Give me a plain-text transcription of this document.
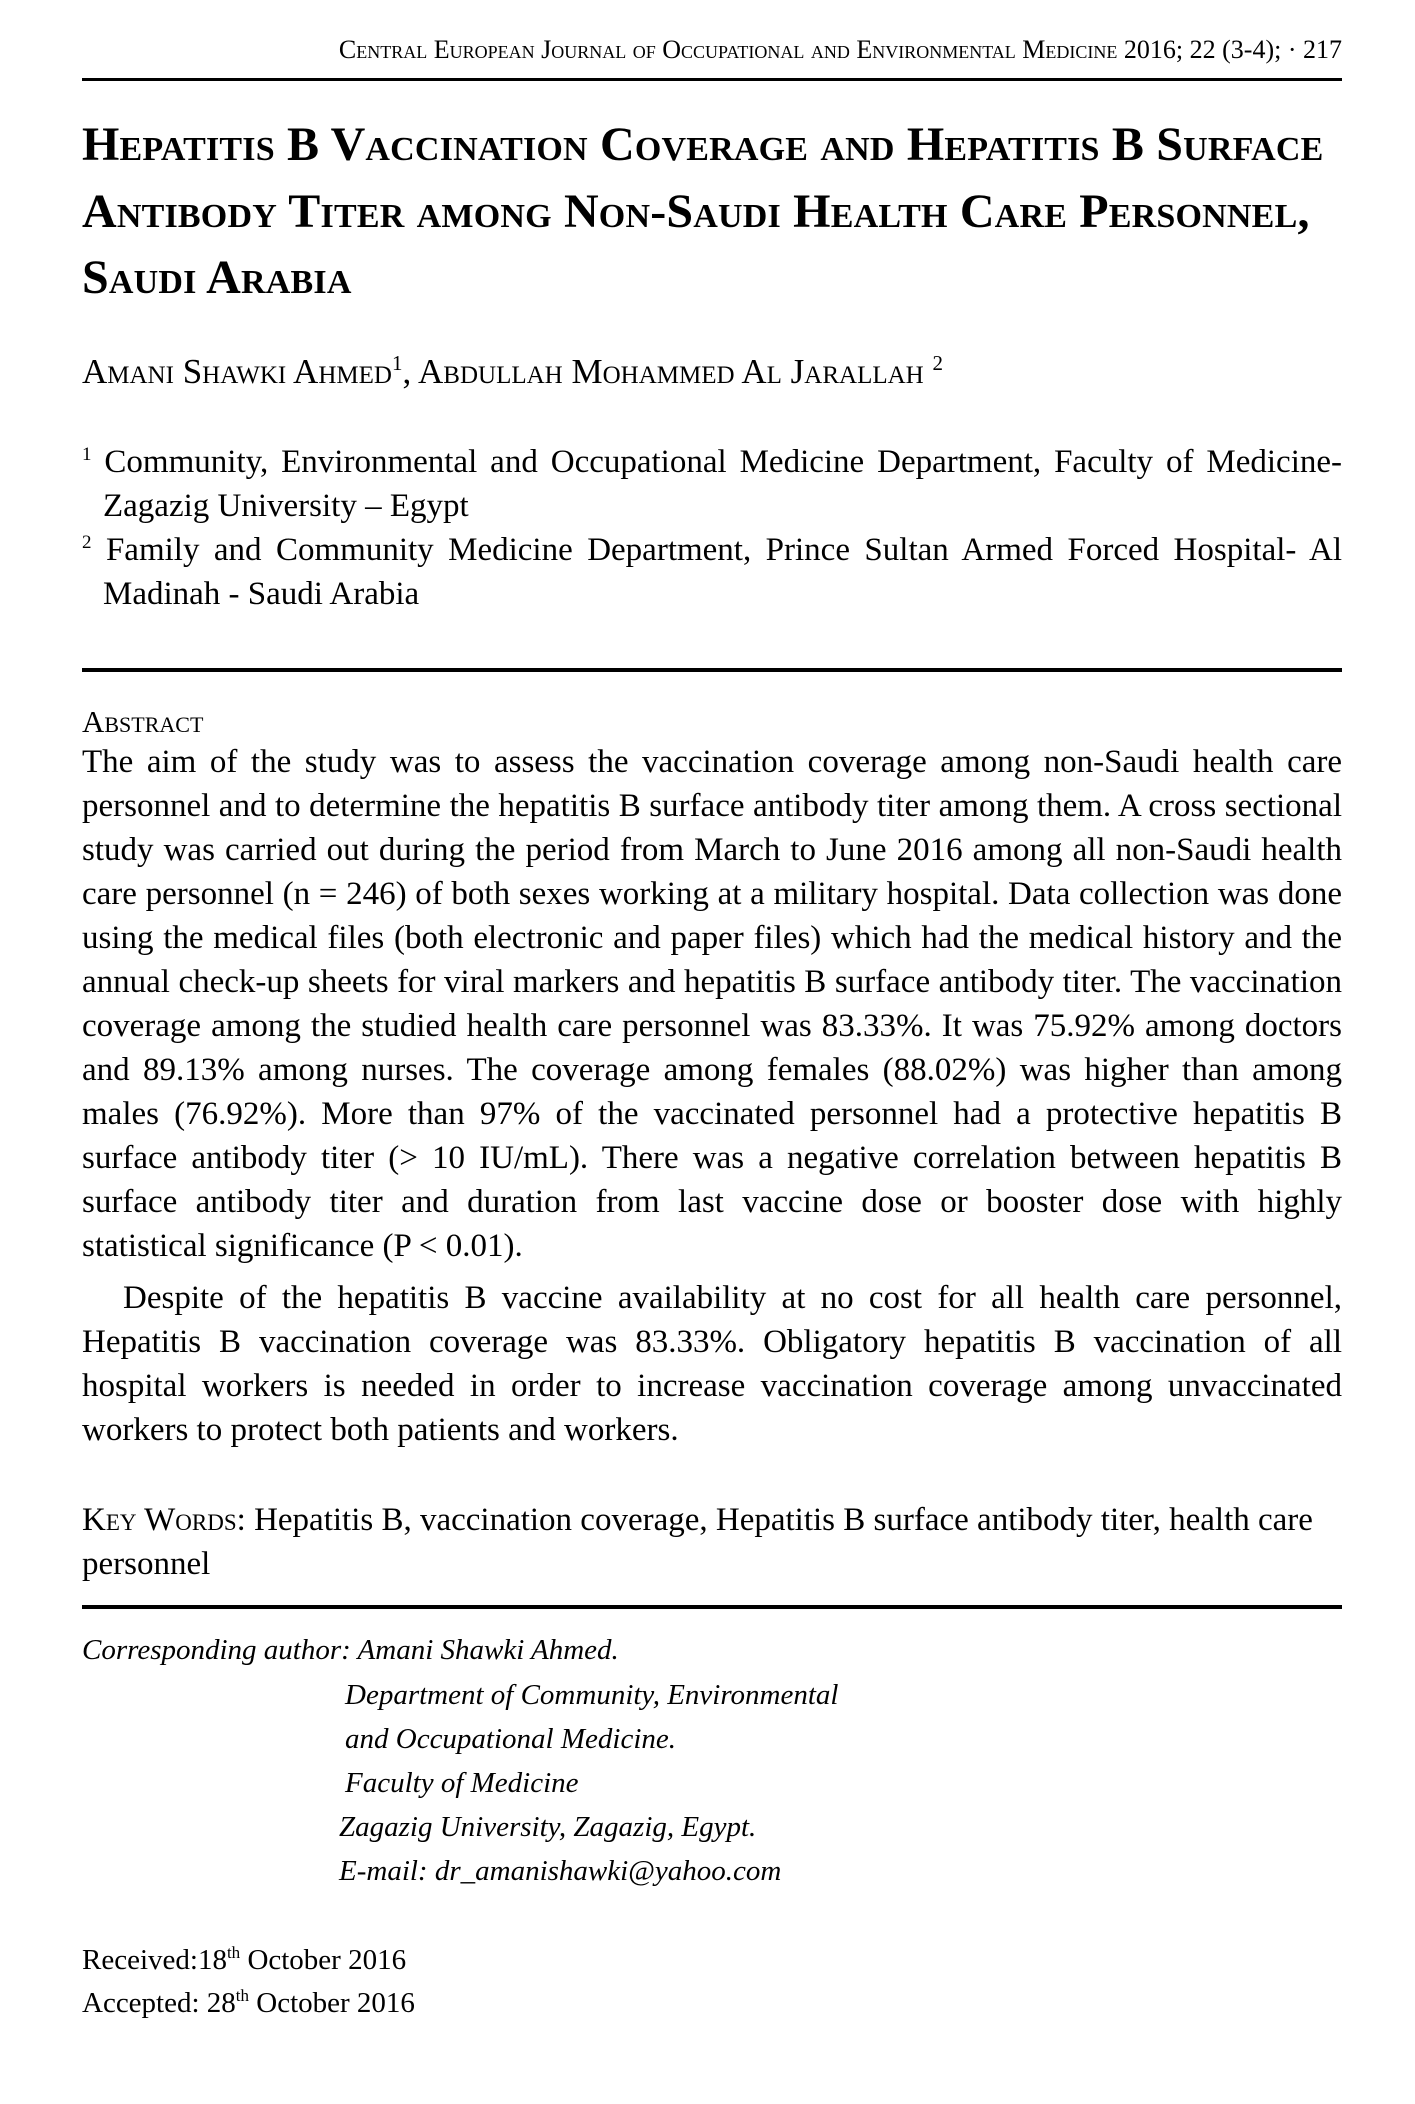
Central European Journal of Occupational and Environmental Medicine 2016; 22 (3-4); · 217
Hepatitis B Vaccination Coverage and Hepatitis B Surface Antibody Titer among Non-Saudi Health Care Personnel, Saudi Arabia
Amani Shawki Ahmed$^1$, Abdullah Mohammed Al Jarallah $^2$
$^1$ Community, Environmental and Occupational Medicine Department, Faculty of Medicine-Zagazig University – Egypt
$^2$ Family and Community Medicine Department, Prince Sultan Armed Forced Hospital- Al Madinah - Saudi Arabia
Abstract

The aim of the study was to assess the vaccination coverage among non-Saudi health care personnel and to determine the hepatitis B surface antibody titer among them. A cross sectional study was carried out during the period from March to June 2016 among all non-Saudi health care personnel (n = 246) of both sexes working at a military hospital. Data collection was done using the medical files (both electronic and paper files) which had the medical history and the annual check-up sheets for viral markers and hepatitis B surface antibody titer. The vaccination coverage among the studied health care personnel was 83.33%. It was 75.92% among doctors and 89.13% among nurses. The coverage among females (88.02%) was higher than among males (76.92%). More than 97% of the vaccinated personnel had a protective hepatitis B surface antibody titer (> 10 IU/mL). There was a negative correlation between hepatitis B surface antibody titer and duration from last vaccine dose or booster dose with highly statistical significance (P < 0.01).

Despite of the hepatitis B vaccine availability at no cost for all health care personnel, Hepatitis B vaccination coverage was 83.33%. Obligatory hepatitis B vaccination of all hospital workers is needed in order to increase vaccination coverage among unvaccinated workers to protect both patients and workers.

Key Words: Hepatitis B, vaccination coverage, Hepatitis B surface antibody titer, health care personnel
Corresponding author: Amani Shawki Ahmed.
Department of Community, Environmental
and Occupational Medicine.
Faculty of Medicine
Zagazig University, Zagazig, Egypt.
E-mail: dr_amanishawki@yahoo.com
Received:18th October 2016
Accepted: 28th October 2016
